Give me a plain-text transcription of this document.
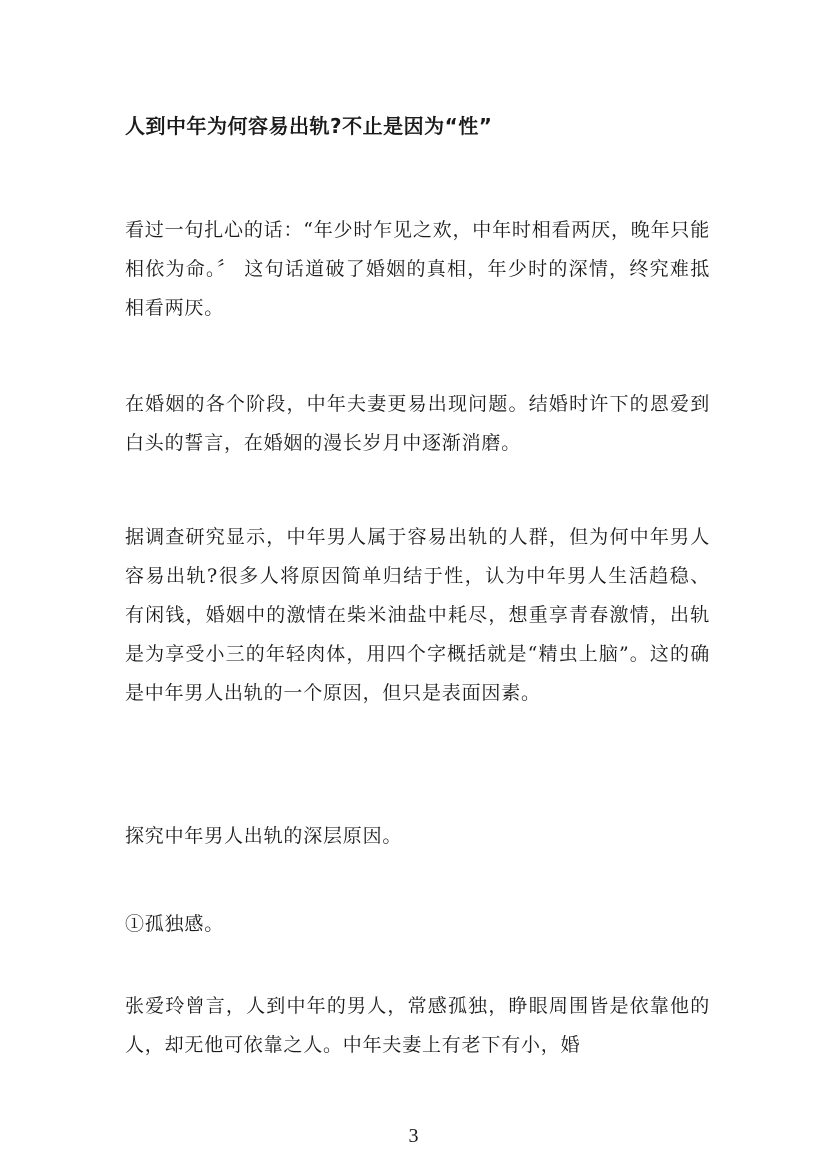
人到中年为何容易出轨?不止是因为“性”

看过一句扎心的话：“年少时乍见之欢，中年时相看两厌，晚年只能相依为命。〞 这句话道破了婚姻的真相，年少时的深情，终究难抵相看两厌。

在婚姻的各个阶段，中年夫妻更易出现问题。结婚时许下的恩爱到白头的誓言，在婚姻的漫长岁月中逐渐消磨。

据调查研究显示，中年男人属于容易出轨的人群，但为何中年男人容易出轨?很多人将原因简单归结于性，认为中年男人生活趋稳、有闲钱，婚姻中的激情在柴米油盐中耗尽，想重享青春激情，出轨是为享受小三的年轻肉体，用四个字概括就是“精虫上脑”。这的确是中年男人出轨的一个原因，但只是表面因素。

探究中年男人出轨的深层原因。

①孤独感。

张爱玲曾言，人到中年的男人，常感孤独，睁眼周围皆是依靠他的人，却无他可依靠之人。中年夫妻上有老下有小，婚

3
